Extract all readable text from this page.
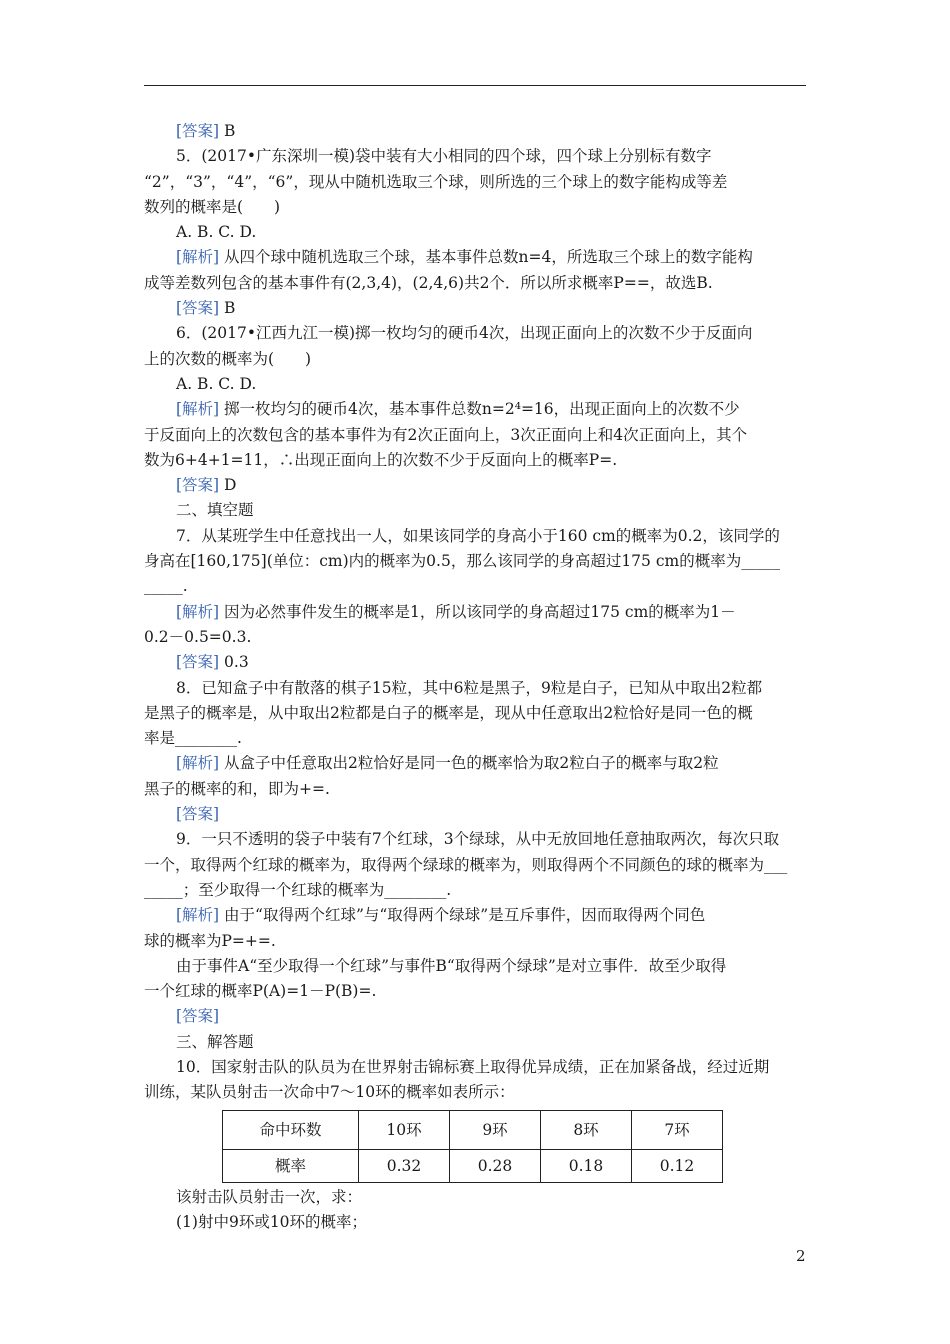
[答案] B

5．(2017•广东深圳一模)袋中装有大小相同的四个球，四个球上分别标有数字

“2”，“3”，“4”，“6”，现从中随机选取三个球，则所选的三个球上的数字能构成等差

数列的概率是(　　)

A. B. C. D.

[解析] 从四个球中随机选取三个球，基本事件总数n=4，所选取三个球上的数字能构

成等差数列包含的基本事件有(2,3,4)，(2,4,6)共2个．所以所求概率P==，故选B.

[答案] B

6．(2017•江西九江一模)掷一枚均匀的硬币4次，出现正面向上的次数不少于反面向

上的次数的概率为(　　)

A. B. C. D.

[解析] 掷一枚均匀的硬币4次，基本事件总数n=2⁴=16，出现正面向上的次数不少

于反面向上的次数包含的基本事件为有2次正面向上，3次正面向上和4次正面向上，其个

数为6+4+1=11，∴出现正面向上的次数不少于反面向上的概率P=.

[答案] D

二、填空题

7．从某班学生中任意找出一人，如果该同学的身高小于160 cm的概率为0.2，该同学的

身高在[160,175](单位：cm)内的概率为0.5，那么该同学的身高超过175 cm的概率为_____

_____.

[解析] 因为必然事件发生的概率是1，所以该同学的身高超过175 cm的概率为1－

0.2－0.5=0.3.

[答案] 0.3

8．已知盒子中有散落的棋子15粒，其中6粒是黑子，9粒是白子，已知从中取出2粒都

是黑子的概率是，从中取出2粒都是白子的概率是，现从中任意取出2粒恰好是同一色的概

率是________.

[解析] 从盒子中任意取出2粒恰好是同一色的概率恰为取2粒白子的概率与取2粒

黑子的概率的和，即为+=.

[答案]

9．一只不透明的袋子中装有7个红球，3个绿球，从中无放回地任意抽取两次，每次只取

一个，取得两个红球的概率为，取得两个绿球的概率为，则取得两个不同颜色的球的概率为___

_____；至少取得一个红球的概率为________.

[解析] 由于“取得两个红球”与“取得两个绿球”是互斥事件，因而取得两个同色

球的概率为P=+=.

由于事件A“至少取得一个红球”与事件B“取得两个绿球”是对立事件．故至少取得

一个红球的概率P(A)=1－P(B)=.

[答案]

三、解答题

10．国家射击队的队员为在世界射击锦标赛上取得优异成绩，正在加紧备战，经过近期

训练，某队员射击一次命中7～10环的概率如表所示：

命中环数	10环	9环	8环	7环
概率	0.32	0.28	0.18	0.12

该射击队员射击一次，求：

(1)射中9环或10环的概率；

2
